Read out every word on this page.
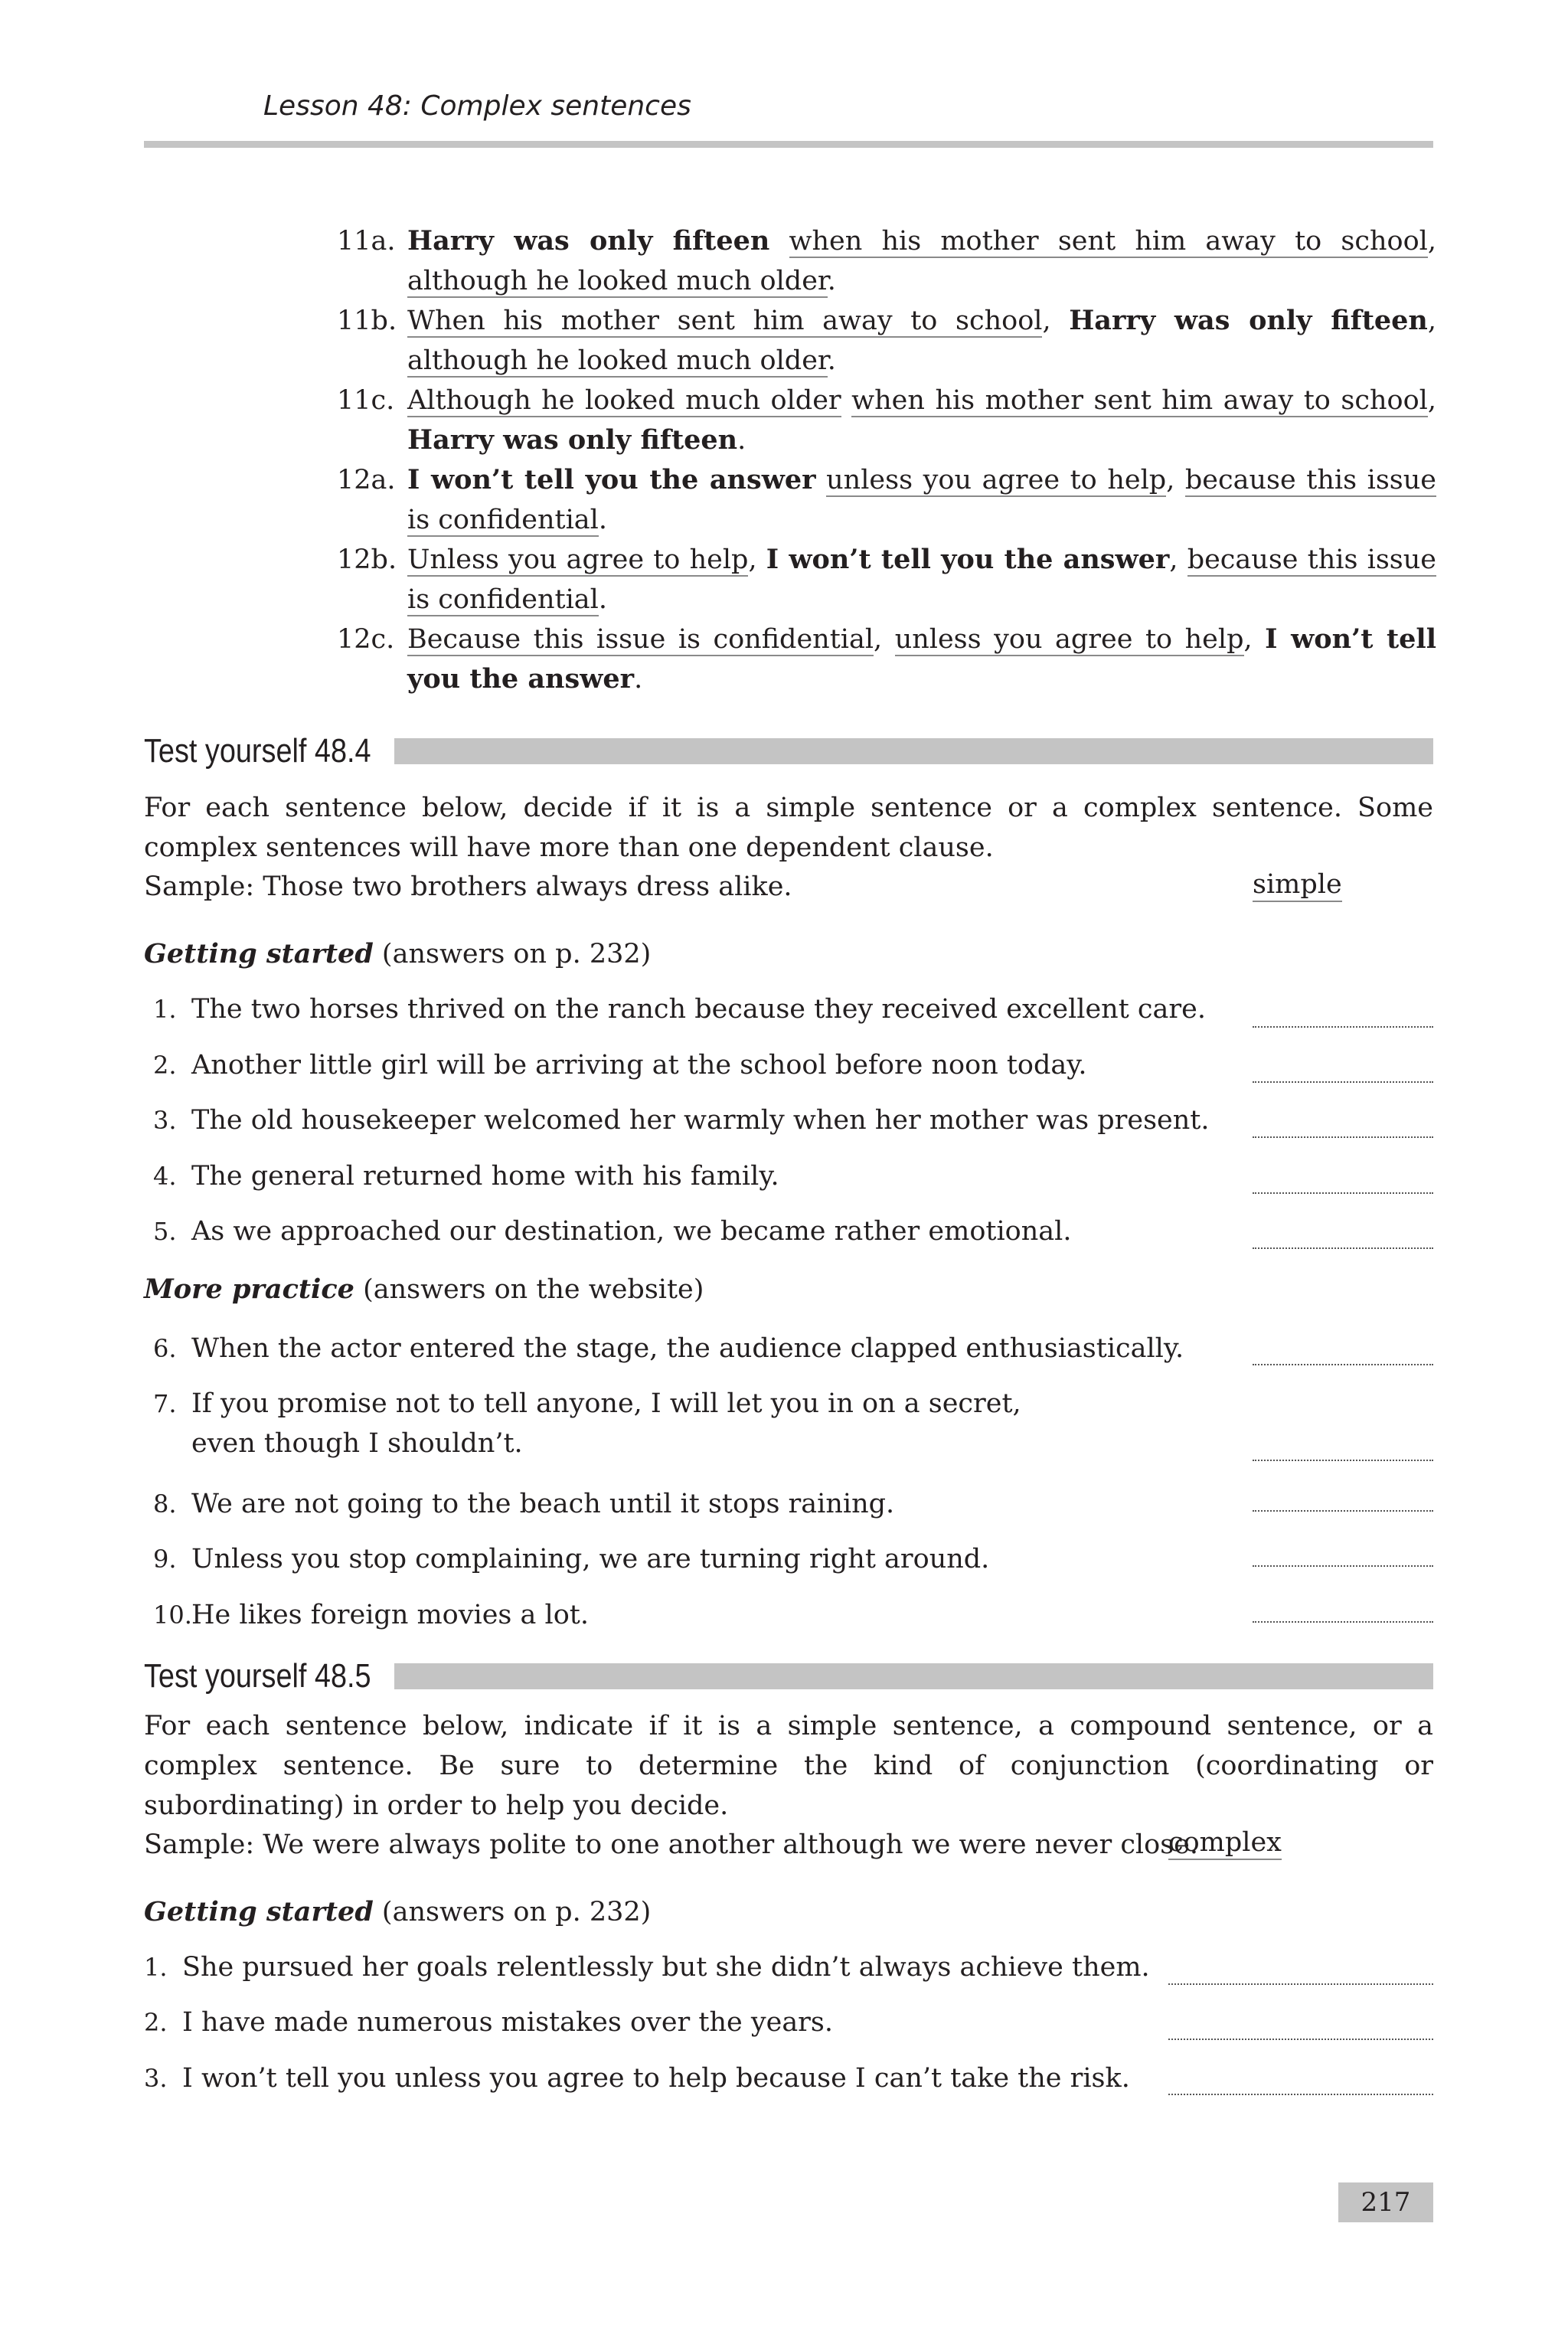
Lesson 48: Complex sentences
11a. Harry was only fifteen when his mother sent him away to school, although he looked much older.
11b. When his mother sent him away to school, Harry was only fifteen, although he looked much older.
11c. Although he looked much older when his mother sent him away to school, Harry was only fifteen.
12a. I won’t tell you the answer unless you agree to help, because this issue is confidential.
12b. Unless you agree to help, I won’t tell you the answer, because this issue is confidential.
12c. Because this issue is confidential, unless you agree to help, I won’t tell you the answer.
Test yourself 48.4
For each sentence below, decide if it is a simple sentence or a complex sentence. Some complex sentences will have more than one dependent clause.
Sample: Those two brothers always dress alike.	simple
Getting started (answers on p. 232)
More practice (answers on the website)
1. The two horses thrived on the ranch because they received excellent care.
2. Another little girl will be arriving at the school before noon today.
3. The old housekeeper welcomed her warmly when her mother was present.
4. The general returned home with his family.
5. As we approached our destination, we became rather emotional.
6. When the actor entered the stage, the audience clapped enthusiastically.
7. If you promise not to tell anyone, I will let you in on a secret,
even though I shouldn’t.
8. We are not going to the beach until it stops raining.
9. Unless you stop complaining, we are turning right around.
10.He likes foreign movies a lot.
Test yourself 48.5
For each sentence below, indicate if it is a simple sentence, a compound sentence, or a complex sentence. Be sure to determine the kind of conjunction (coordinating or subordinating) in order to help you decide.
Sample: We were always polite to one another although we were never close.
complex
Getting started (answers on p. 232)
1. She pursued her goals relentlessly but she didn’t always achieve them.
2. I have made numerous mistakes over the years.
3. I won’t tell you unless you agree to help because I can’t take the risk.
217
